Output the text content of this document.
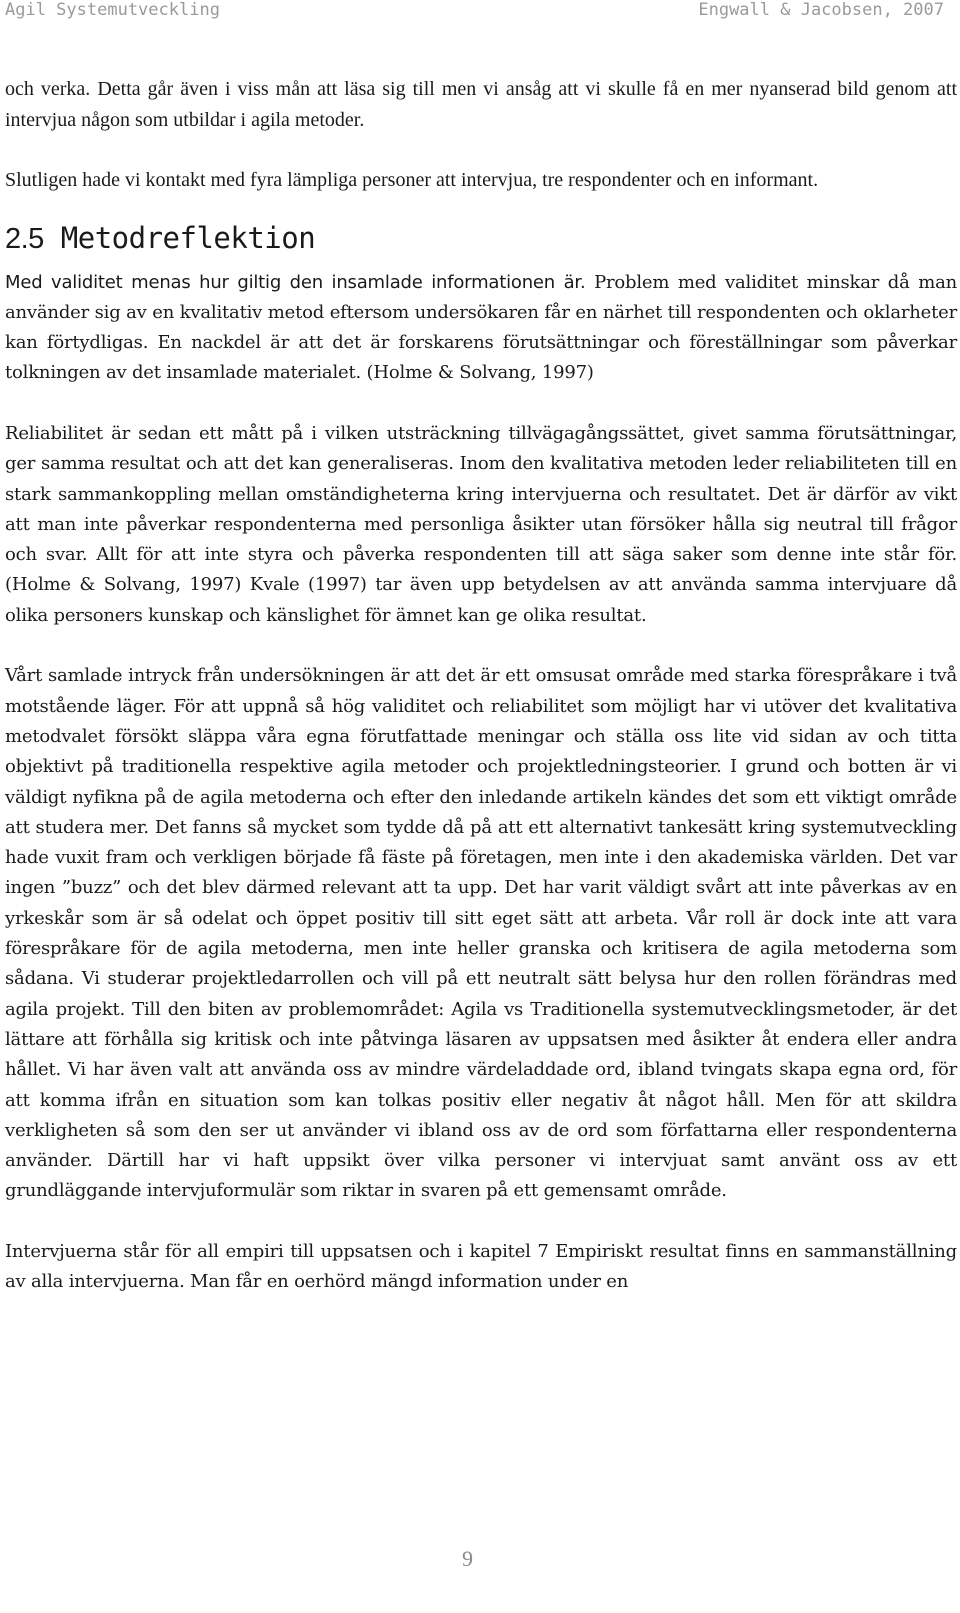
Agil Systemutveckling	Engwall & Jacobsen, 2007

och verka. Detta går även i viss mån att läsa sig till men vi ansåg att vi skulle få en mer nyanserad bild genom att intervjua någon som utbildar i agila metoder.

Slutligen hade vi kontakt med fyra lämpliga personer att intervjua, tre respondenter och en informant.

2.5 Metodreflektion

Med validitet menas hur giltig den insamlade informationen är. Problem med validitet minskar då man använder sig av en kvalitativ metod eftersom undersökaren får en närhet till respondenten och oklarheter kan förtydligas. En nackdel är att det är forskarens förutsättningar och föreställningar som påverkar tolkningen av det insamlade materialet. (Holme & Solvang, 1997)

Reliabilitet är sedan ett mått på i vilken utsträckning tillvägagångssättet, givet samma förutsättningar, ger samma resultat och att det kan generaliseras. Inom den kvalitativa metoden leder reliabiliteten till en stark sammankoppling mellan omständigheterna kring intervjuerna och resultatet. Det är därför av vikt att man inte påverkar respondenterna med personliga åsikter utan försöker hålla sig neutral till frågor och svar. Allt för att inte styra och påverka respondenten till att säga saker som denne inte står för. (Holme & Solvang, 1997) Kvale (1997) tar även upp betydelsen av att använda samma intervjuare då olika personers kunskap och känslighet för ämnet kan ge olika resultat.

Vårt samlade intryck från undersökningen är att det är ett omsusat område med starka förespråkare i två motstående läger. För att uppnå så hög validitet och reliabilitet som möjligt har vi utöver det kvalitativa metodvalet försökt släppa våra egna förutfattade meningar och ställa oss lite vid sidan av och titta objektivt på traditionella respektive agila metoder och projektledningsteorier. I grund och botten är vi väldigt nyfikna på de agila metoderna och efter den inledande artikeln kändes det som ett viktigt område att studera mer. Det fanns så mycket som tydde då på att ett alternativt tankesätt kring systemutveckling hade vuxit fram och verkligen började få fäste på företagen, men inte i den akademiska världen. Det var ingen ”buzz” och det blev därmed relevant att ta upp. Det har varit väldigt svårt att inte påverkas av en yrkeskår som är så odelat och öppet positiv till sitt eget sätt att arbeta. Vår roll är dock inte att vara förespråkare för de agila metoderna, men inte heller granska och kritisera de agila metoderna som sådana. Vi studerar projektledarrollen och vill på ett neutralt sätt belysa hur den rollen förändras med agila projekt. Till den biten av problemområdet: Agila vs Traditionella systemutvecklingsmetoder, är det lättare att förhålla sig kritisk och inte påtvinga läsaren av uppsatsen med åsikter åt endera eller andra hållet. Vi har även valt att använda oss av mindre värdeladdade ord, ibland tvingats skapa egna ord, för att komma ifrån en situation som kan tolkas positiv eller negativ åt något håll. Men för att skildra verkligheten så som den ser ut använder vi ibland oss av de ord som författarna eller respondenterna använder. Därtill har vi haft uppsikt över vilka personer vi intervjuat samt använt oss av ett grundläggande intervjuformulär som riktar in svaren på ett gemensamt område.

Intervjuerna står för all empiri till uppsatsen och i kapitel 7 Empiriskt resultat finns en sammanställning av alla intervjuerna. Man får en oerhörd mängd information under en

9
